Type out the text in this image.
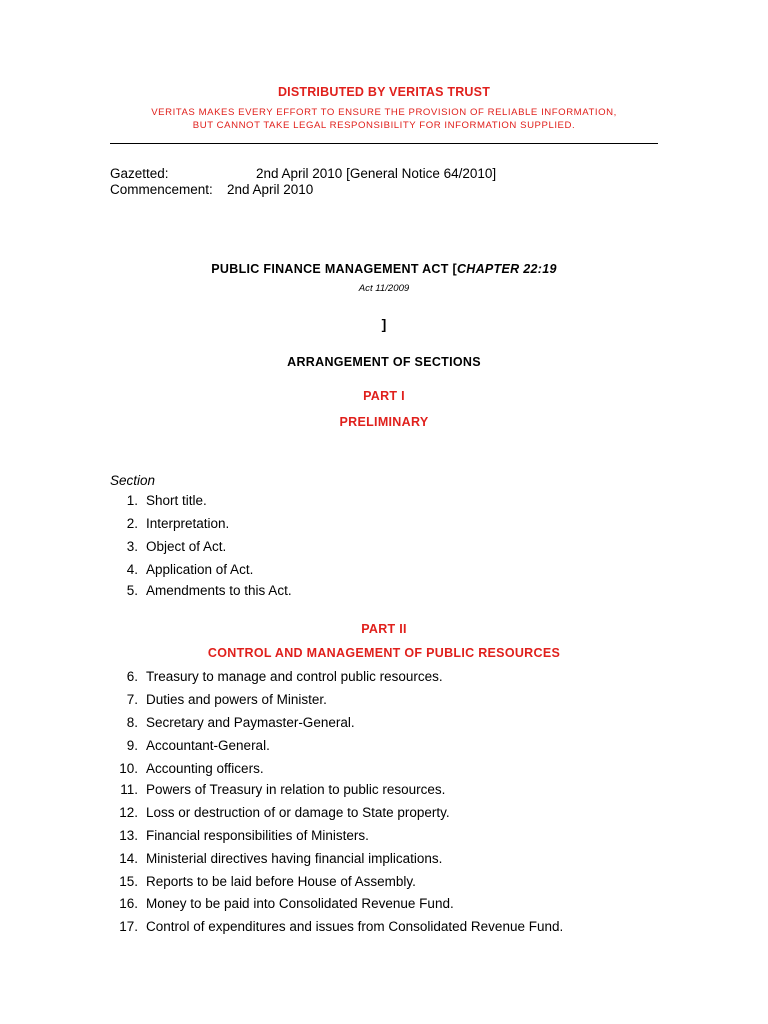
DISTRIBUTED BY VERITAS TRUST
VERITAS MAKES EVERY EFFORT TO ENSURE THE PROVISION OF RELIABLE INFORMATION,
BUT CANNOT TAKE LEGAL RESPONSIBILITY FOR INFORMATION SUPPLIED.
Gazetted:	2nd April 2010 [General Notice 64/2010]
Commencement: 2nd April 2010
PUBLIC FINANCE MANAGEMENT ACT [CHAPTER 22:19
Act 11/2009
]
ARRANGEMENT OF SECTIONS
PART I
PRELIMINARY
Section
1. Short title.
2. Interpretation.
3. Object of Act.
4. Application of Act.
5. Amendments to this Act.
PART II
CONTROL AND MANAGEMENT OF PUBLIC RESOURCES
6. Treasury to manage and control public resources.
7. Duties and powers of Minister.
8. Secretary and Paymaster-General.
9. Accountant-General.
10. Accounting officers.
11. Powers of Treasury in relation to public resources.
12. Loss or destruction of or damage to State property.
13. Financial responsibilities of Ministers.
14. Ministerial directives having financial implications.
15. Reports to be laid before House of Assembly.
16. Money to be paid into Consolidated Revenue Fund.
17. Control of expenditures and issues from Consolidated Revenue Fund.
